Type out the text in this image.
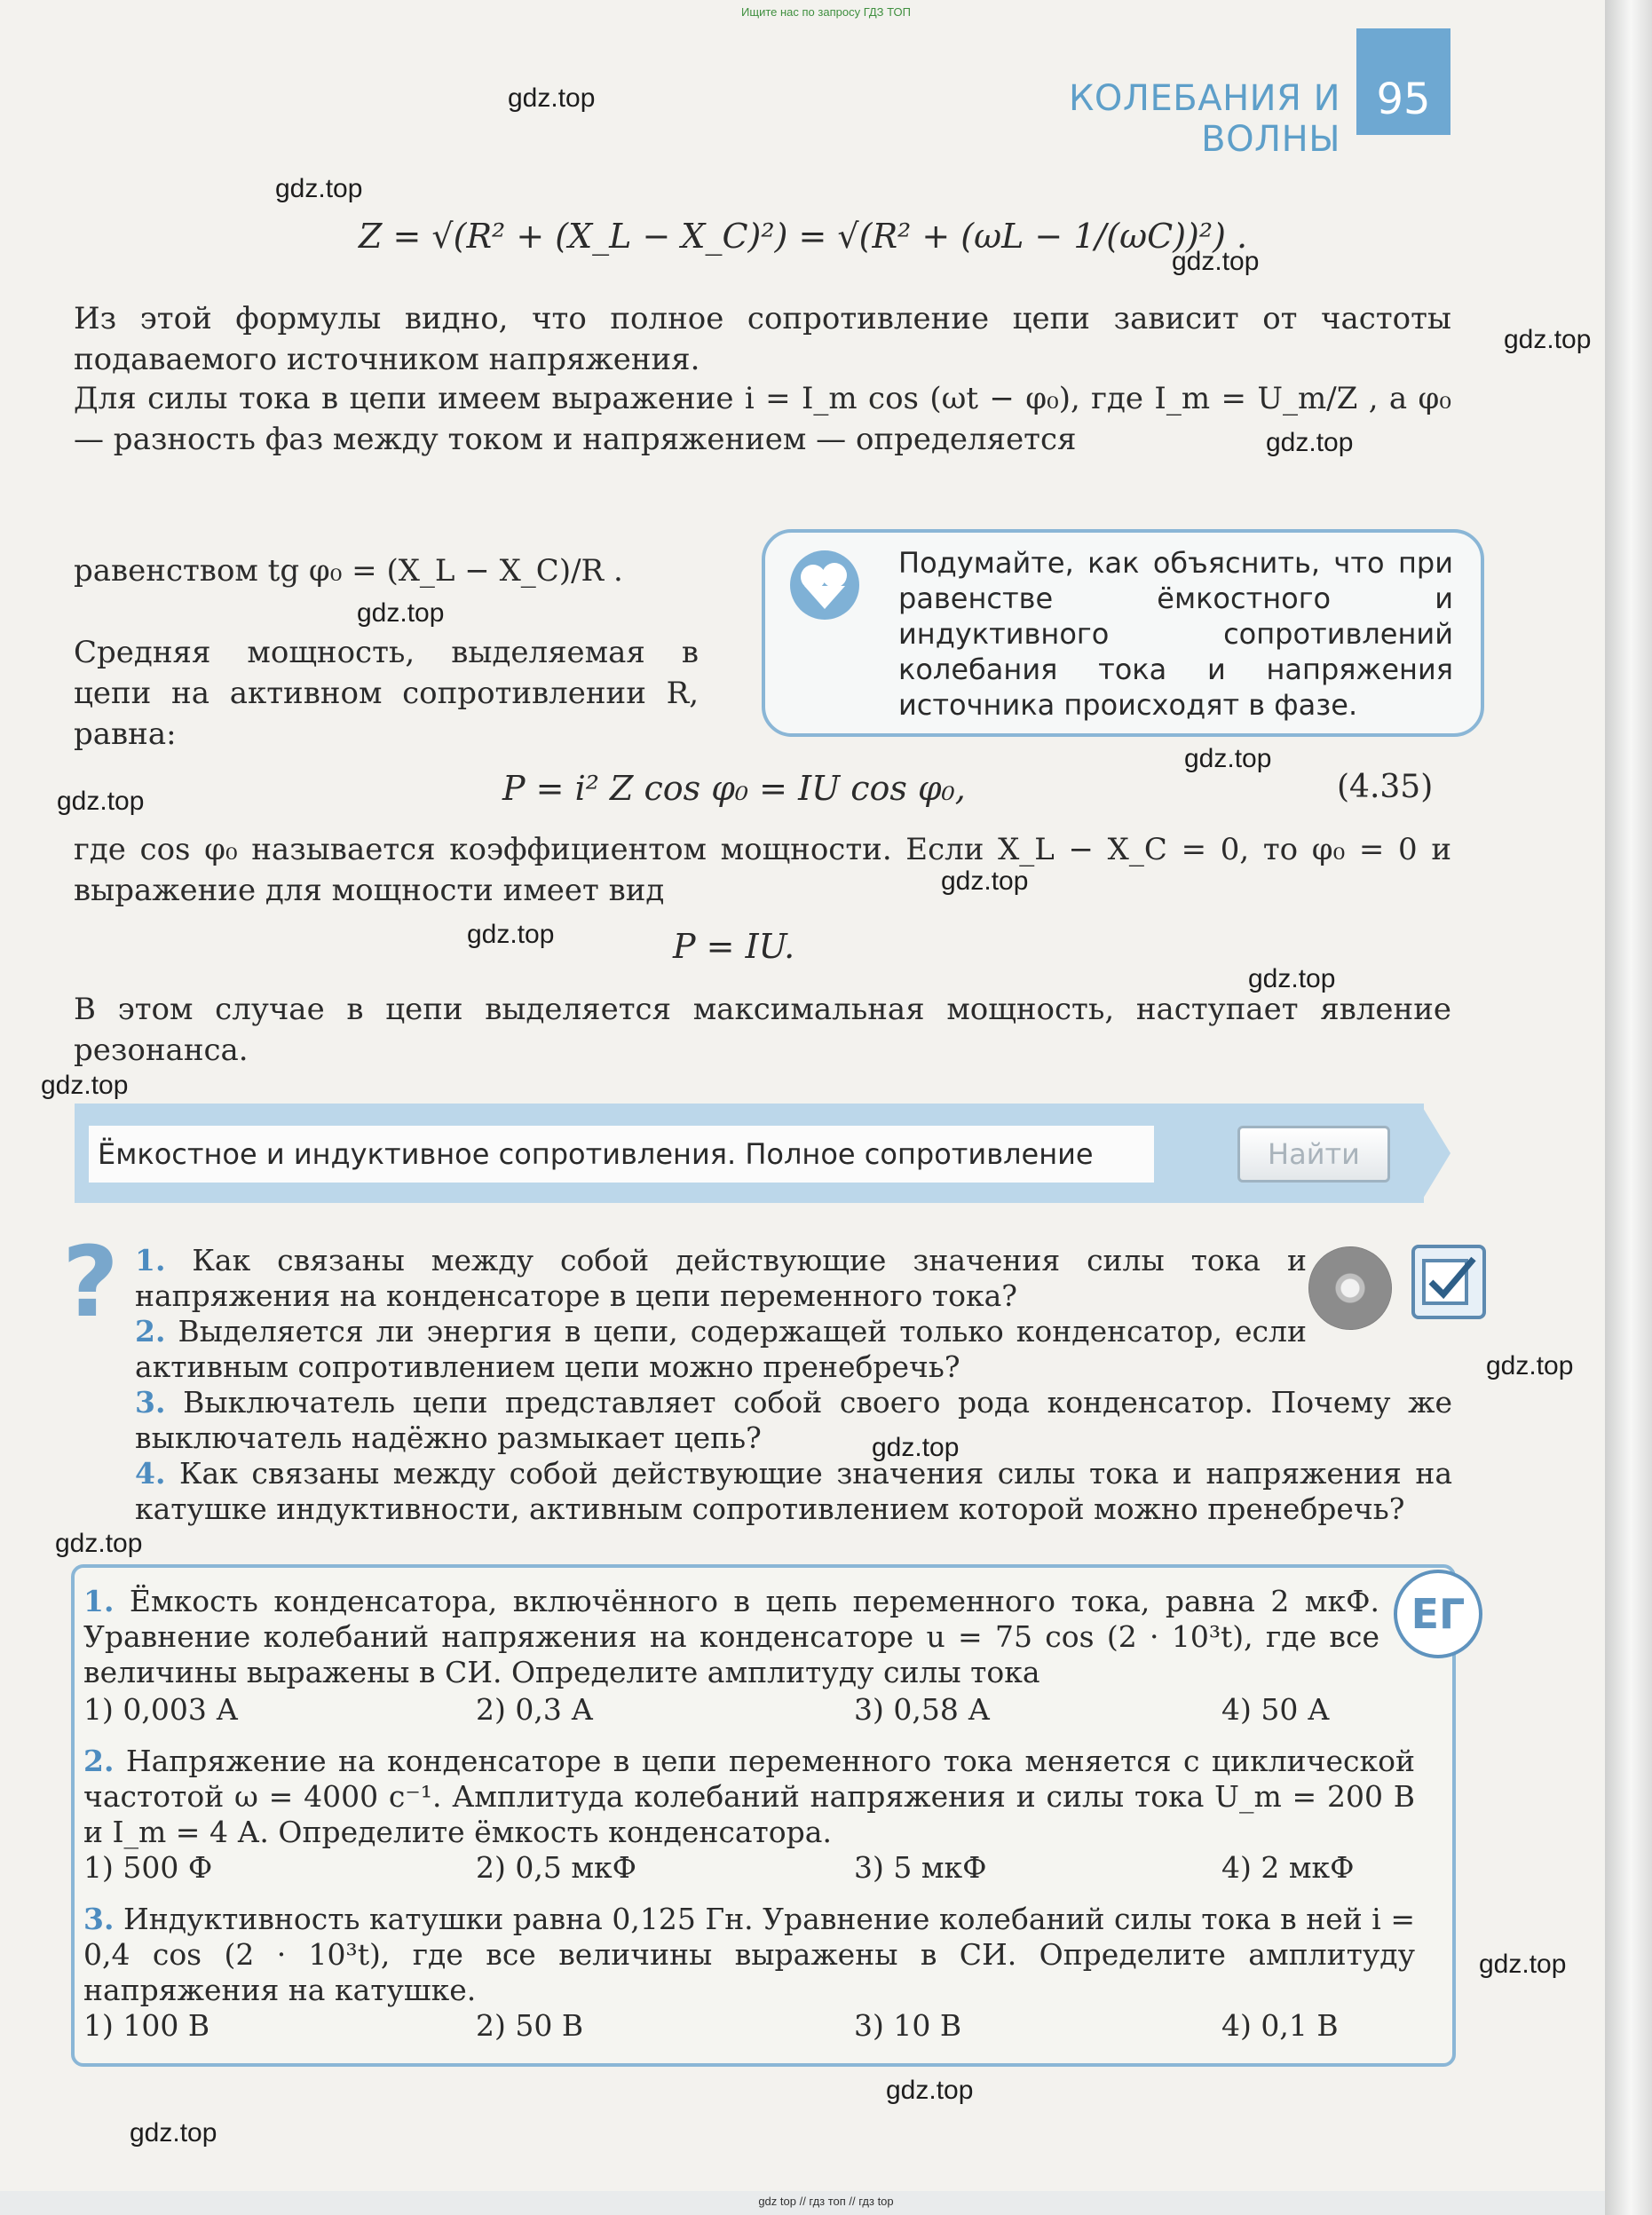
Ищите нас по запросу ГДЗ ТОП
КОЛЕБАНИЯ И ВОЛНЫ
95
gdz.top
gdz.top
gdz.top
gdz.top
gdz.top
gdz.top
gdz.top
gdz.top
gdz.top
gdz.top
gdz.top
gdz.top
gdz.top
gdz.top
gdz.top
gdz.top
gdz.top
gdz.top
Z = √(R² + (X_L − X_C)²) = √(R² + (ωL − 1/(ωC))²) .
Из этой формулы видно, что полное сопротивление цепи зависит от частоты подаваемого источником напряжения.
Для силы тока в цепи имеем выражение i = I_m cos (ωt − φ₀), где I_m = U_m/Z , а φ₀ — разность фаз между током и напряжением — определяется
равенством tg φ₀ = (X_L − X_C)/R .
Средняя мощность, выделяемая в цепи на активном сопротивлении R, равна:
P = i² Z cos φ₀ = IU cos φ₀,	(4.35)
где cos φ₀ называется коэффициентом мощности. Если X_L − X_C = 0, то φ₀ = 0 и выражение для мощности имеет вид
P = IU.
В этом случае в цепи выделяется максимальная мощность, наступает явление резонанса.
Подумайте, как объяснить, что при равенстве ёмкостного и индуктивного сопротивлений колебания тока и напряжения источника происходят в фазе.
Ёмкостное и индуктивное сопротивления. Полное сопротивление	Найти
? 1. Как связаны между собой действующие значения силы тока и напряжения на конденсаторе в цепи переменного тока?
2. Выделяется ли энергия в цепи, содержащей только конденсатор, если активным сопротивлением цепи можно пренебречь?
3. Выключатель цепи представляет собой своего рода конденсатор. Почему же выключатель надёжно размыкает цепь?
4. Как связаны между собой действующие значения силы тока и напряжения на катушке индуктивности, активным сопротивлением которой можно пренебречь?
1. Ёмкость конденсатора, включённого в цепь переменного тока, равна 2 мкФ. Уравнение колебаний напряжения на конденсаторе u = 75 cos (2 · 10³t), где все величины выражены в СИ. Определите амплитуду силы тока
1) 0,003 А	2) 0,3 А	3) 0,58 А	4) 50 А
2. Напряжение на конденсаторе в цепи переменного тока меняется с циклической частотой ω = 4000 с⁻¹. Амплитуда колебаний напряжения и силы тока U_m = 200 В и I_m = 4 А. Определите ёмкость конденсатора.
1) 500 Ф	2) 0,5 мкФ	3) 5 мкФ	4) 2 мкФ
3. Индуктивность катушки равна 0,125 Гн. Уравнение колебаний силы тока в ней i = 0,4 cos (2 · 10³t), где все величины выражены в СИ. Определите амплитуду напряжения на катушке.
1) 100 В	2) 50 В	3) 10 В	4) 0,1 В
ЕГ
gdz top // гдз топ // гдз top
